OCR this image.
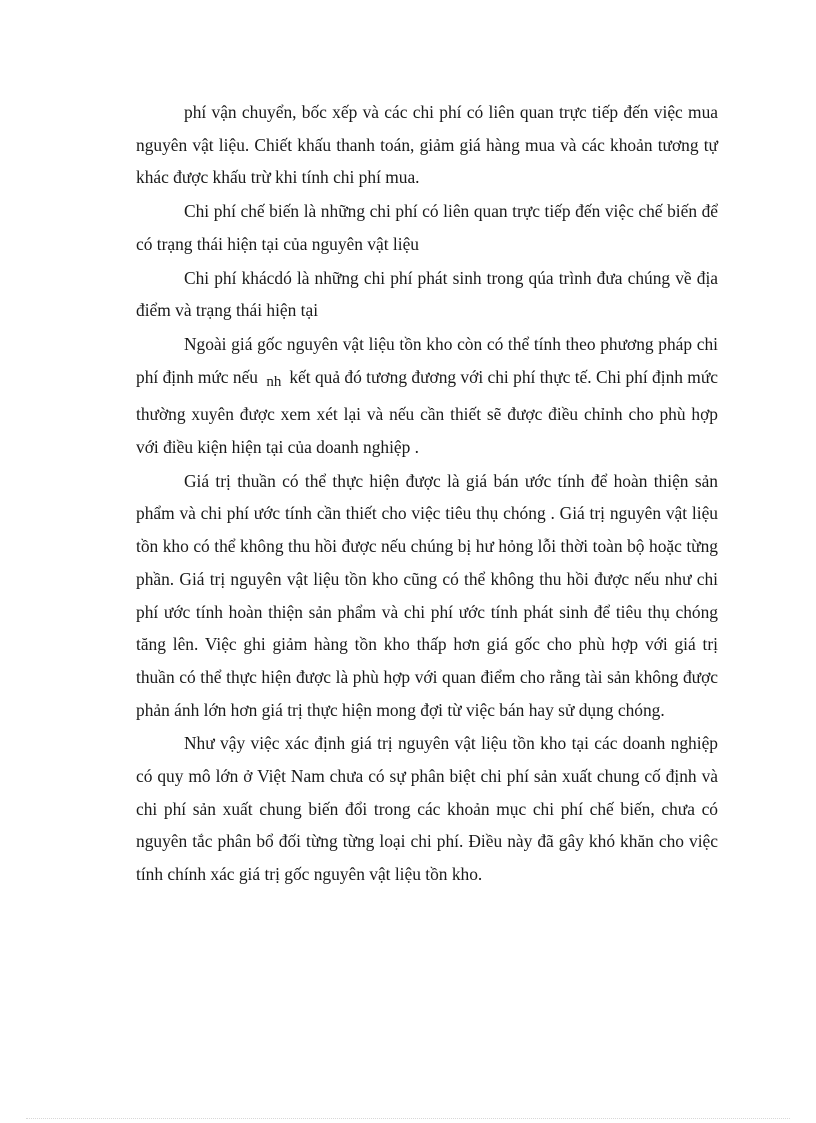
phí vận chuyển, bốc xếp và các chi phí có liên quan trực tiếp đến việc mua nguyên vật liệu. Chiết khấu thanh toán, giảm giá hàng mua và các khoản tương tự khác được khấu trừ khi tính chi phí mua.

Chi phí chế biến là những chi phí có liên quan trực tiếp đến việc chế biến để có trạng thái hiện tại của nguyên vật liệu

Chi phí khácdó là những chi phí phát sinh trong qúa trình đưa chúng về địa điểm và trạng thái hiện tại

Ngoài giá gốc nguyên vật liệu tồn kho còn có thể tính theo phương pháp chi phí định mức nếu nh kết quả đó tương đương với chi phí thực tế. Chi phí định mức thường xuyên được xem xét lại và nếu cần thiết sẽ được điều chỉnh cho phù hợp với điều kiện hiện tại của doanh nghiệp .

Giá trị thuần có thể thực hiện được là giá bán ước tính để hoàn thiện sản phẩm và chi phí ước tính cần thiết cho việc tiêu thụ chóng . Giá trị nguyên vật liệu tồn kho có thể không thu hồi được nếu chúng bị hư hỏng lỗi thời toàn bộ hoặc từng phần. Giá trị nguyên vật liệu tồn kho cũng có thể không thu hồi được nếu như chi phí ước tính hoàn thiện sản phẩm và chi phí ước tính phát sinh để tiêu thụ chóng tăng lên. Việc ghi giảm hàng tồn kho thấp hơn giá gốc cho phù hợp với giá trị thuần có thể thực hiện được là phù hợp với quan điểm cho rằng tài sản không được phản ánh lớn hơn giá trị thực hiện mong đợi từ việc bán hay sử dụng chóng.

Như vậy việc xác định giá trị nguyên vật liệu tồn kho tại các doanh nghiệp có quy mô lớn ở Việt Nam chưa có sự phân biệt chi phí sản xuất chung cố định và chi phí sản xuất chung biến đổi trong các khoản mục chi phí chế biến, chưa có nguyên tắc phân bổ đối từng từng loại chi phí. Điều này đã gây khó khăn cho việc tính chính xác giá trị gốc nguyên vật liệu tồn kho.
